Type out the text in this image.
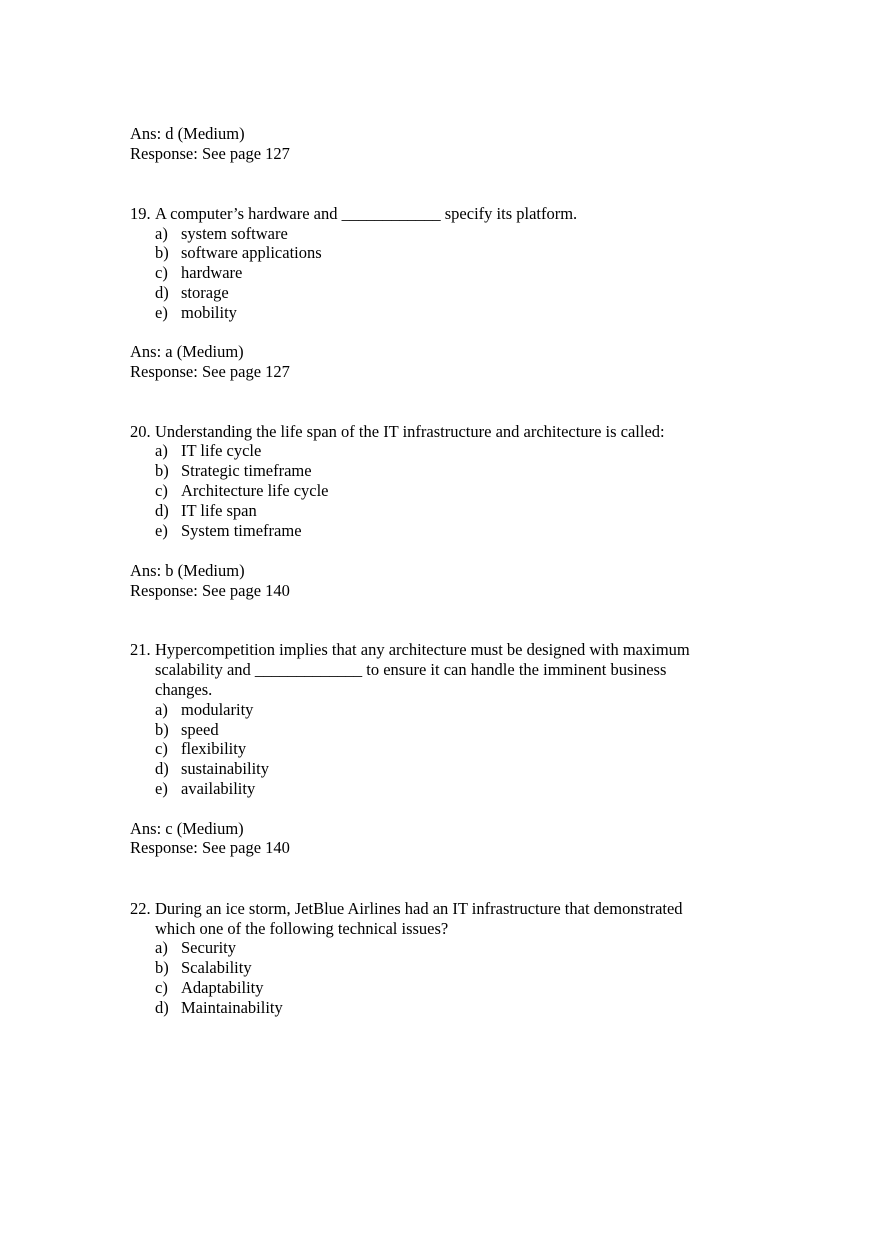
Ans: d (Medium)
Response: See page 127
19. A computer’s hardware and ____________ specify its platform.
a) system software
b) software applications
c) hardware
d) storage
e) mobility
Ans: a (Medium)
Response: See page 127
20. Understanding the life span of the IT infrastructure and architecture is called:
a) IT life cycle
b) Strategic timeframe
c) Architecture life cycle
d) IT life span
e) System timeframe
Ans: b (Medium)
Response: See page 140
21. Hypercompetition implies that any architecture must be designed with maximum
scalability and _____________ to ensure it can handle the imminent business
changes.
a) modularity
b) speed
c) flexibility
d) sustainability
e) availability
Ans: c (Medium)
Response: See page 140
22. During an ice storm, JetBlue Airlines had an IT infrastructure that demonstrated
which one of the following technical issues?
a) Security
b) Scalability
c) Adaptability
d) Maintainability
